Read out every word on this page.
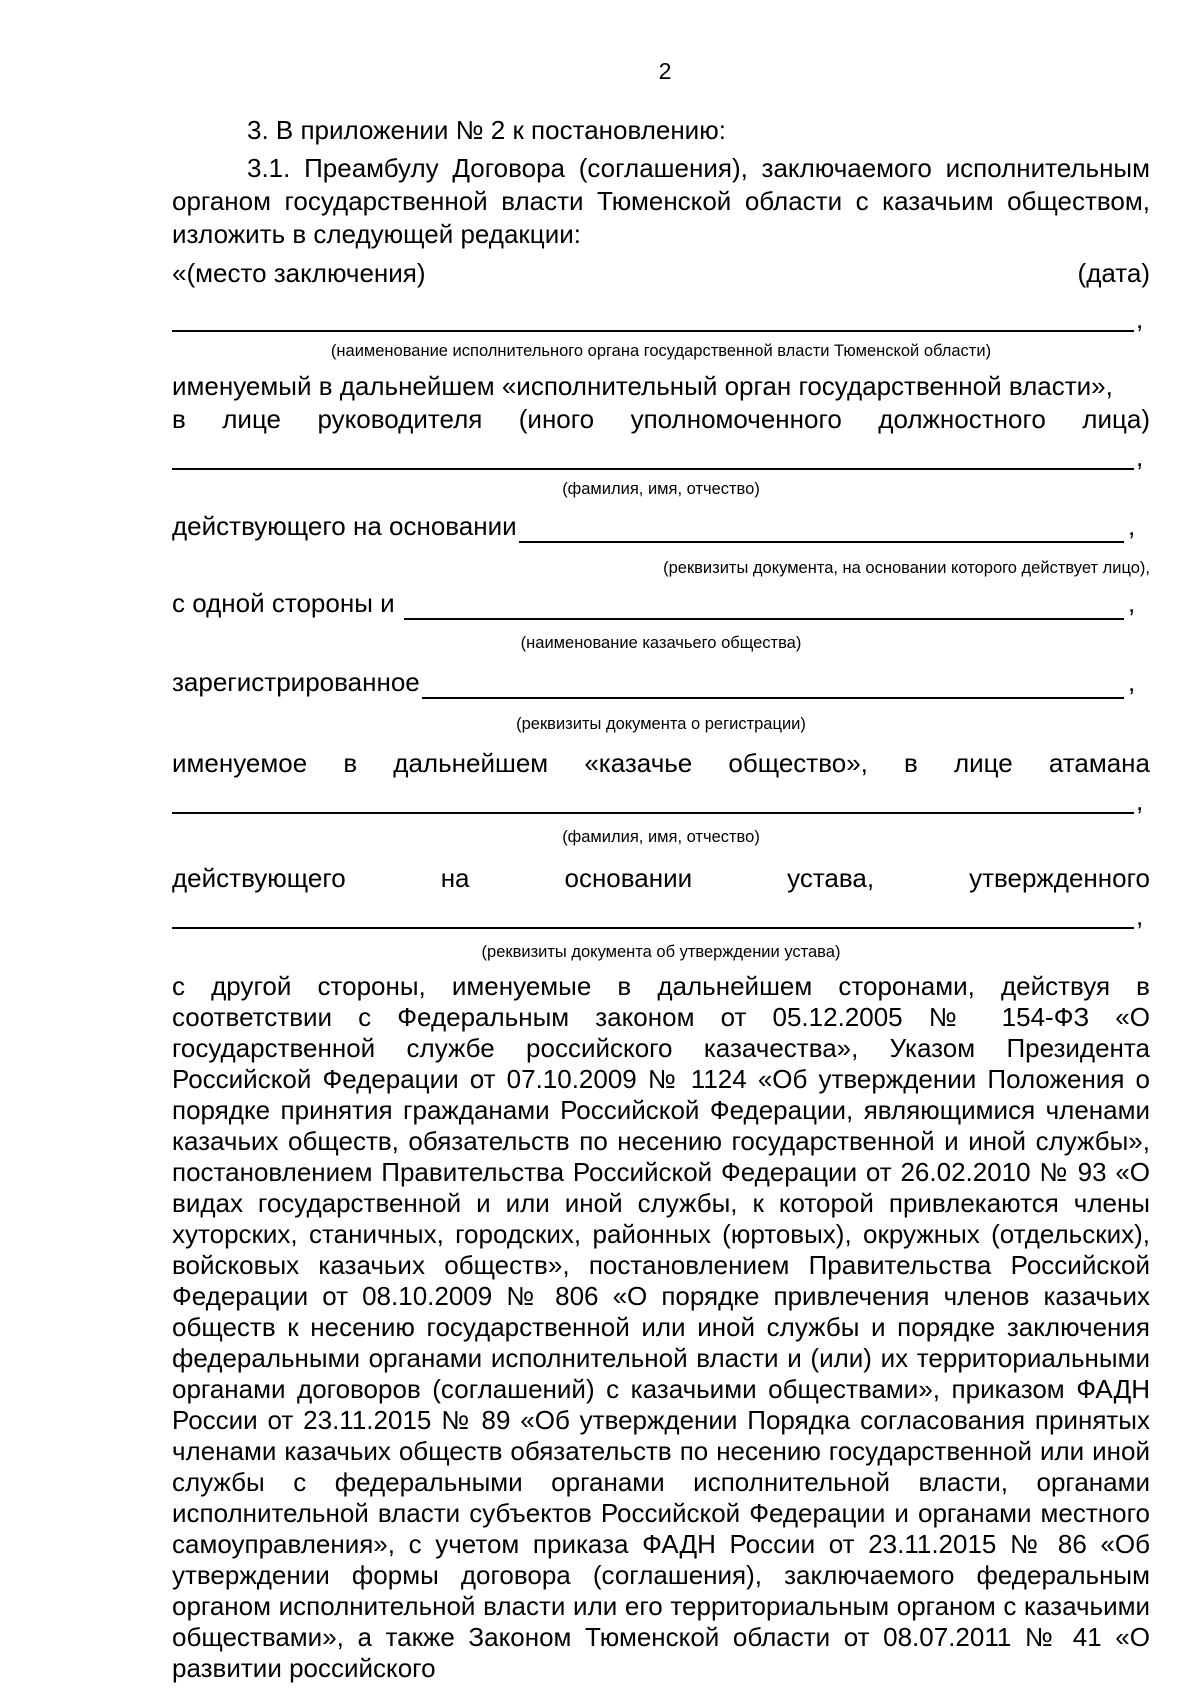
2

3. В приложении № 2 к постановлению:

3.1. Преамбулу Договора (соглашения), заключаемого исполнительным органом государственной власти Тюменской области с казачьим обществом, изложить в следующей редакции:

«(место заключения)	(дата)
,
(наименование исполнительного органа государственной власти Тюменской области)

именуемый в дальнейшем «исполнительный орган государственной власти»,

в лице руководителя (иного уполномоченного должностного лица)
,
(фамилия, имя, отчество)
действующего на основании	,
(реквизиты документа, на основании которого действует лицо),
с одной стороны и	,
(наименование казачьего общества)
зарегистрированное	,
(реквизиты документа о регистрации)
именуемое в дальнейшем «казачье общество», в лице атамана
,
(фамилия, имя, отчество)
действующего	на	основании	устава,	утвержденного
,
(реквизиты документа об утверждении устава)

с другой стороны, именуемые в дальнейшем сторонами, действуя в соответствии с Федеральным законом от 05.12.2005 № 154-ФЗ «О государственной службе российского казачества», Указом Президента Российской Федерации от 07.10.2009 № 1124 «Об утверждении Положения о порядке принятия гражданами Российской Федерации, являющимися членами казачьих обществ, обязательств по несению государственной и иной службы», постановлением Правительства Российской Федерации от 26.02.2010 № 93 «О видах государственной и или иной службы, к которой привлекаются члены хуторских, станичных, городских, районных (юртовых), окружных (отдельских), войсковых казачьих обществ», постановлением Правительства Российской Федерации от 08.10.2009 № 806 «О порядке привлечения членов казачьих обществ к несению государственной или иной службы и порядке заключения федеральными органами исполнительной власти и (или) их территориальными органами договоров (соглашений) с казачьими обществами», приказом ФАДН России от 23.11.2015 № 89 «Об утверждении Порядка согласования принятых членами казачьих обществ обязательств по несению государственной или иной службы с федеральными органами исполнительной власти, органами исполнительной власти субъектов Российской Федерации и органами местного самоуправления», с учетом приказа ФАДН России от 23.11.2015 № 86 «Об утверждении формы договора (соглашения), заключаемого федеральным органом исполнительной власти или его территориальным органом с казачьими обществами», а также Законом Тюменской области от 08.07.2011 № 41 «О развитии российского
